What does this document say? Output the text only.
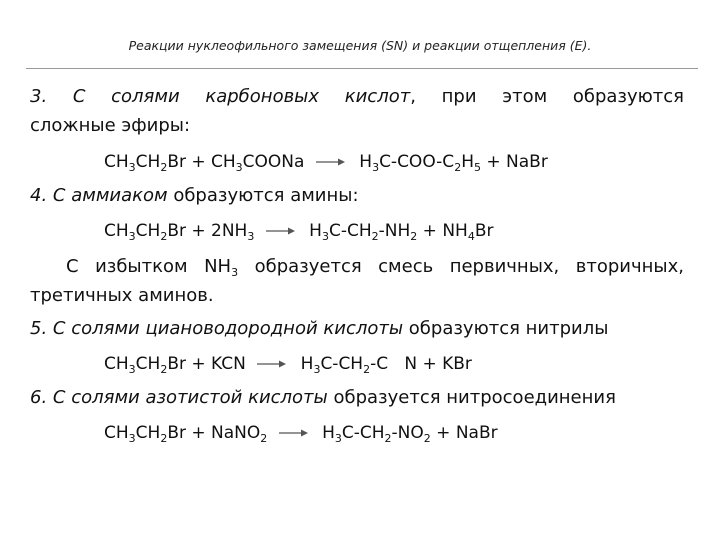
Реакции нуклеофильного замещения (SN) и реакции отщепления (E).
3. С солями карбоновых кислот, при этом образуются
сложные эфиры:
$CH_3CH_2Br$ + $CH_3COONa \to H_3C-COO-C_2H_5$ + NaBr
4. С аммиаком образуются амины:
$CH_3CH_2Br + 2NH_3 \to H_3C-CH_2-NH_2 + NH_4Br$
С избытком $NH_3$ образуется смесь первичных, вторичных,
третичных аминов.
5. С солями циановодородной кислоты образуются нитрилы
$CH_3CH_2Br$ + KCN → $H_3C-CH_2-C$   N + KBr
6. С солями азотистой кислоты образуется нитросоединения
$CH_3CH_2Br$ + NaNO$_2$ → $H_3C-CH_2-NO_2$ + NaBr
